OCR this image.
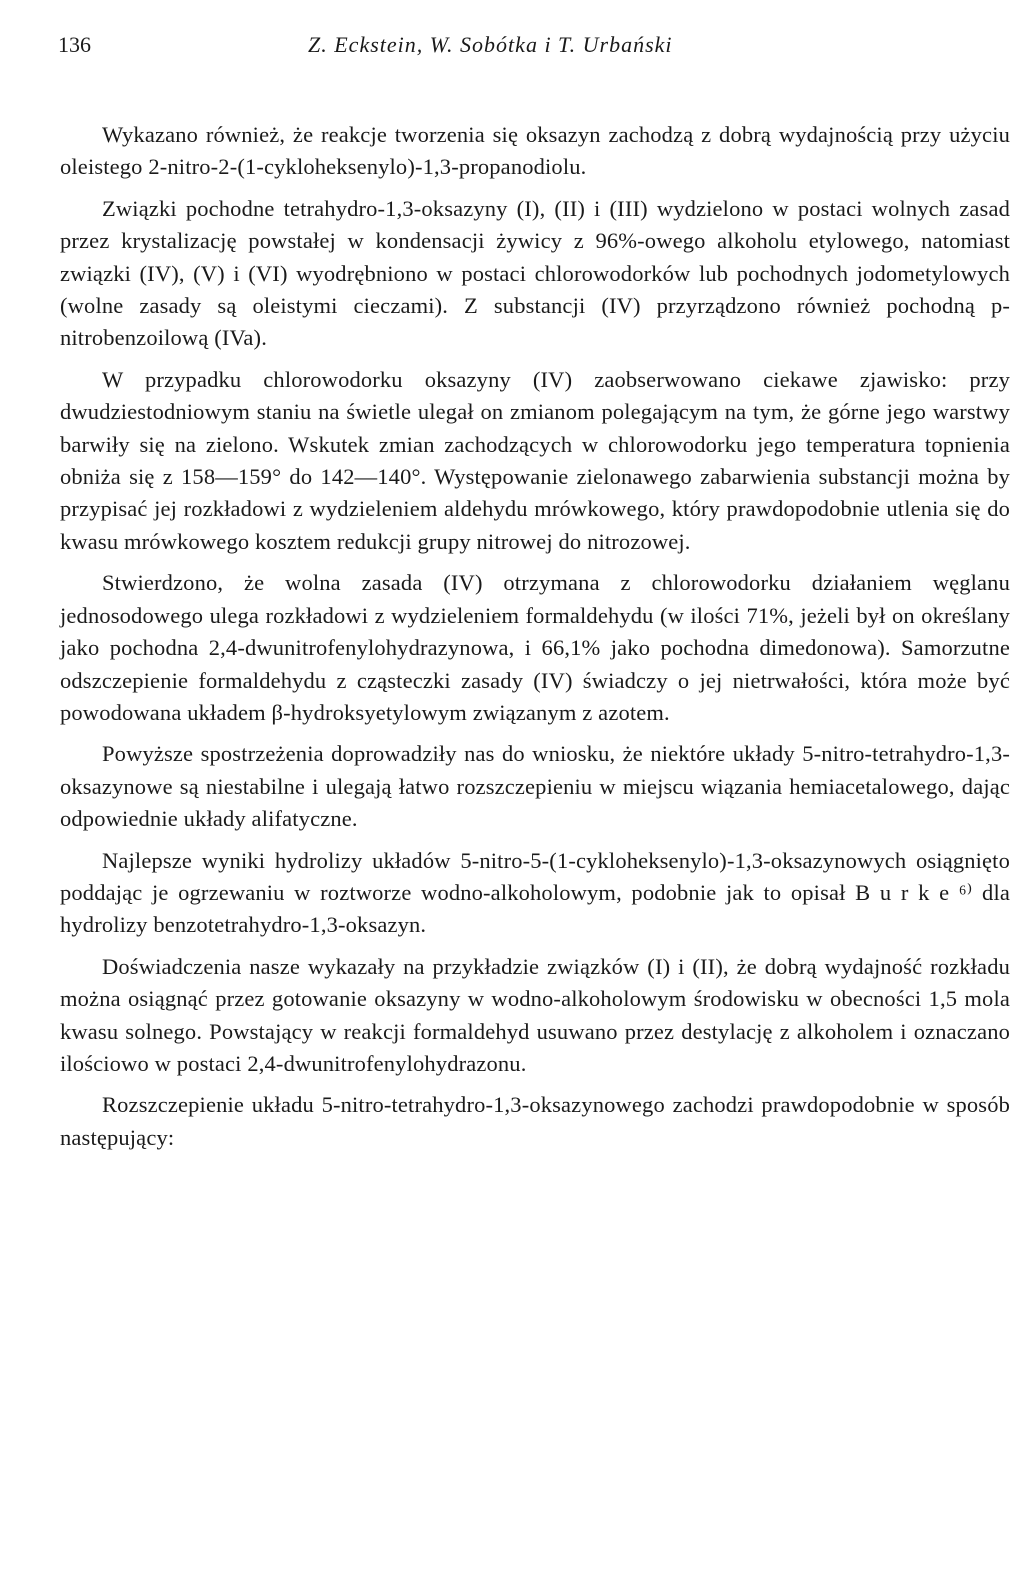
136	Z. Eckstein, W. Sobótka i T. Urbański

Wykazano również, że reakcje tworzenia się oksazyn zachodzą z dobrą wydajnością przy użyciu oleistego 2-nitro-2-(1-cykloheksenylo)-1,3-propanodiolu.

Związki pochodne tetrahydro-1,3-oksazyny (I), (II) i (III) wydzielono w postaci wolnych zasad przez krystalizację powstałej w kondensacji żywicy z 96%-owego alkoholu etylowego, natomiast związki (IV), (V) i (VI) wyodrębniono w postaci chlorowodorków lub pochodnych jodometylowych (wolne zasady są oleistymi cieczami). Z substancji (IV) przyrządzono również pochodną p-nitrobenzoilową (IVa).

W przypadku chlorowodorku oksazyny (IV) zaobserwowano ciekawe zjawisko: przy dwudziestodniowym staniu na świetle ulegał on zmianom polegającym na tym, że górne jego warstwy barwiły się na zielono. Wskutek zmian zachodzących w chlorowodorku jego temperatura topnienia obniża się z 158—159° do 142—140°. Występowanie zielonawego zabarwienia substancji można by przypisać jej rozkładowi z wydzieleniem aldehydu mrówkowego, który prawdopodobnie utlenia się do kwasu mrówkowego kosztem redukcji grupy nitrowej do nitrozowej.

Stwierdzono, że wolna zasada (IV) otrzymana z chlorowodorku działaniem węglanu jednosodowego ulega rozkładowi z wydzieleniem formaldehydu (w ilości 71%, jeżeli był on określany jako pochodna 2,4-dwunitrofenylohydrazynowa, i 66,1% jako pochodna dimedonowa). Samorzutne odszczepienie formaldehydu z cząsteczki zasady (IV) świadczy o jej nietrwałości, która może być powodowana układem β-hydroksyetylowym związanym z azotem.

Powyższe spostrzeżenia doprowadziły nas do wniosku, że niektóre układy 5-nitro-tetrahydro-1,3-oksazynowe są niestabilne i ulegają łatwo rozszczepieniu w miejscu wiązania hemiacetalowego, dając odpowiednie układy alifatyczne.

Najlepsze wyniki hydrolizy układów 5-nitro-5-(1-cykloheksenylo)-1,3-oksazynowych osiągnięto poddając je ogrzewaniu w roztworze wodno-alkoholowym, podobnie jak to opisał B u r k e ⁶⁾ dla hydrolizy benzotetrahydro-1,3-oksazyn.

Doświadczenia nasze wykazały na przykładzie związków (I) i (II), że dobrą wydajność rozkładu można osiągnąć przez gotowanie oksazyny w wodno-alkoholowym środowisku w obecności 1,5 mola kwasu solnego. Powstający w reakcji formaldehyd usuwano przez destylację z alkoholem i oznaczano ilościowo w postaci 2,4-dwunitrofenylohydrazonu.

Rozszczepienie układu 5-nitro-tetrahydro-1,3-oksazynowego zachodzi prawdopodobnie w sposób następujący:
